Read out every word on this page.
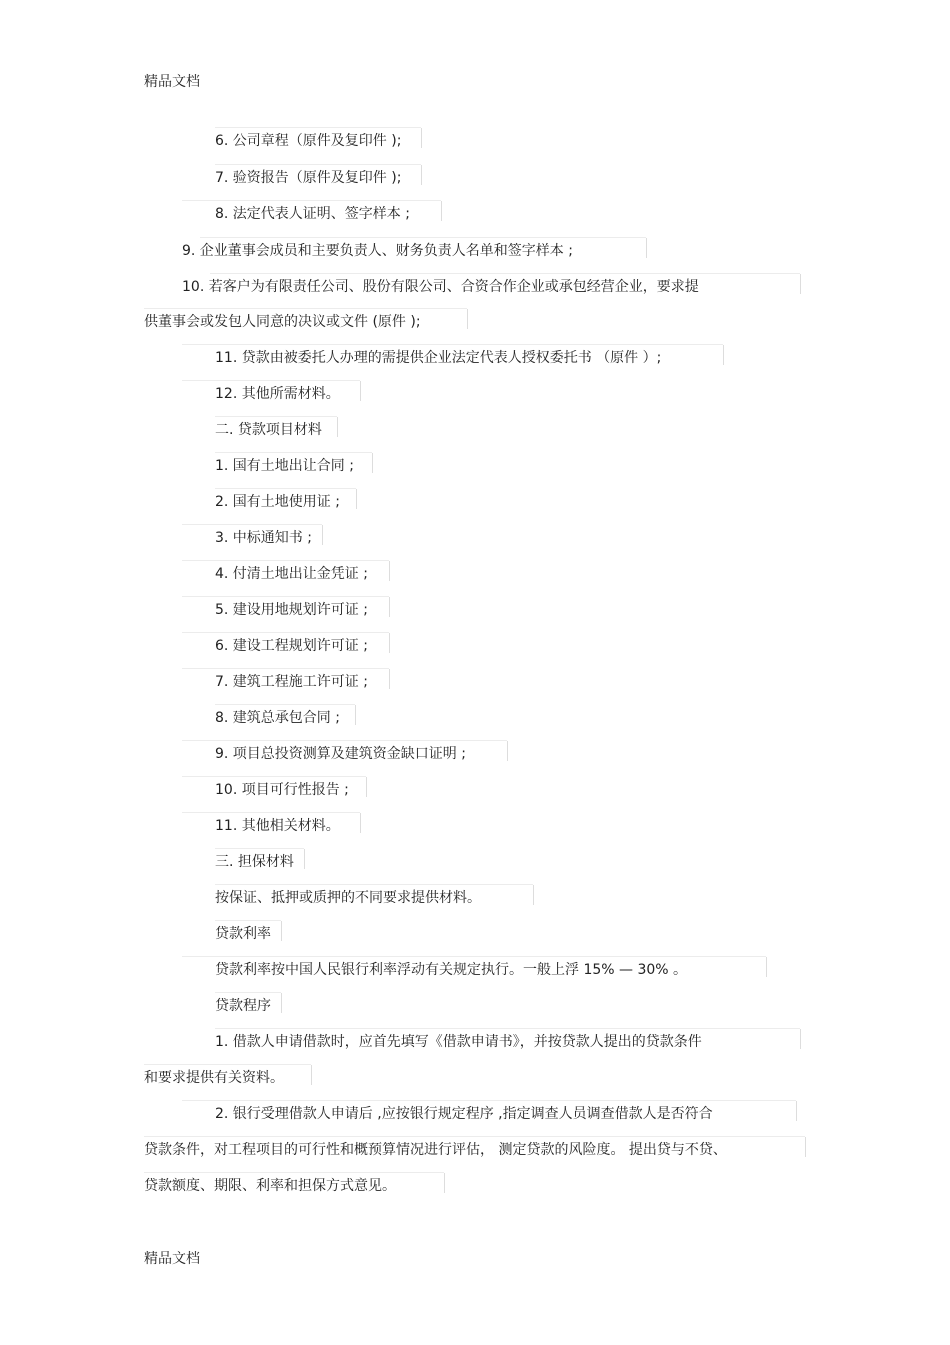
精品文档
6. 公司章程（原件及复印件 );
7. 验资报告（原件及复印件 );
8. 法定代表人证明、签字样本 ;
9. 企业董事会成员和主要负责人、财务负责人名单和签字样本 ;
10. 若客户为有限责任公司、股份有限公司、合资合作企业或承包经营企业，要求提
供董事会或发包人同意的决议或文件 (原件 );
11. 贷款由被委托人办理的需提供企业法定代表人授权委托书 （原件 ）;
12. 其他所需材料。
二. 贷款项目材料
1. 国有土地出让合同 ;
2. 国有土地使用证 ;
3. 中标通知书 ;
4. 付清土地出让金凭证 ;
5. 建设用地规划许可证 ;
6. 建设工程规划许可证 ;
7. 建筑工程施工许可证 ;
8. 建筑总承包合同 ;
9. 项目总投资测算及建筑资金缺口证明 ;
10. 项目可行性报告 ;
11. 其他相关材料。
三. 担保材料
按保证、抵押或质押的不同要求提供材料。
贷款利率
贷款利率按中国人民银行利率浮动有关规定执行。一般上浮 15% — 30% 。
贷款程序
1. 借款人申请借款时，应首先填写《借款申请书》，并按贷款人提出的贷款条件
和要求提供有关资料。
2. 银行受理借款人申请后 ,应按银行规定程序 ,指定调查人员调查借款人是否符合
贷款条件，对工程项目的可行性和概预算情况进行评估， 测定贷款的风险度。 提出贷与不贷、
贷款额度、期限、利率和担保方式意见。
精品文档
